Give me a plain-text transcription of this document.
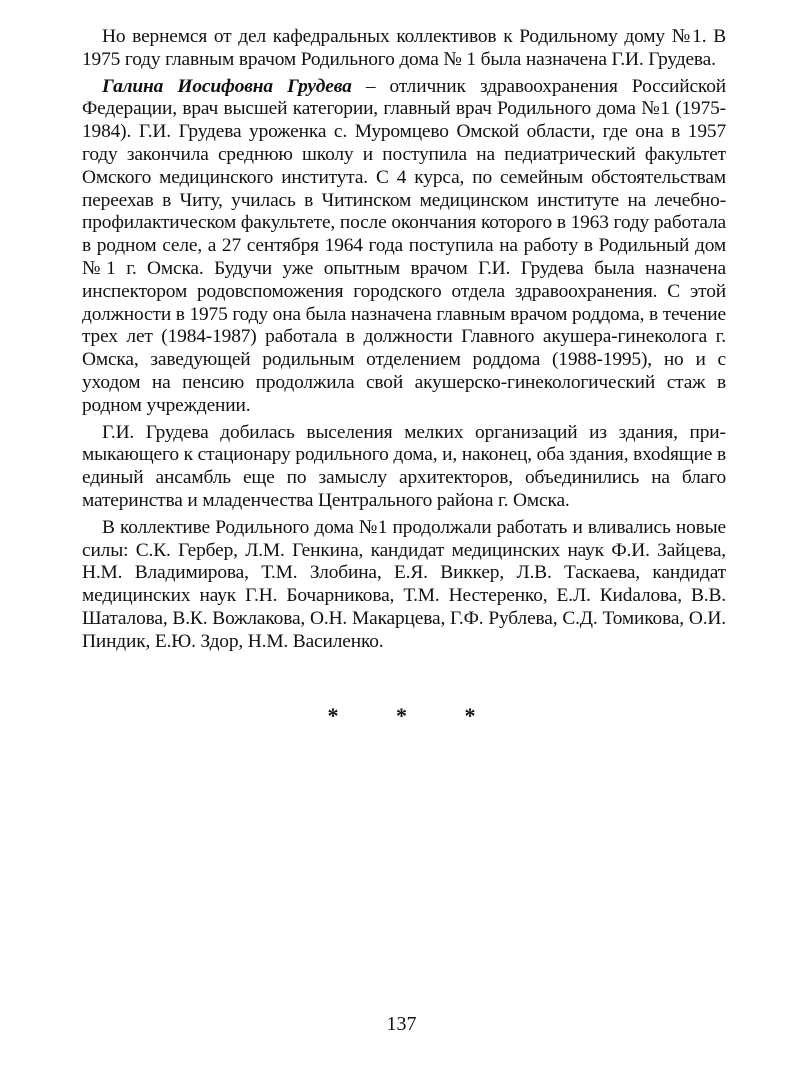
Но вернемся от дел кафедральных коллективов к Родильному дому №1. В 1975 году главным врачом Родильного дома № 1 была назначена Г.И. Грудева.

Галина Иосифовна Грудева – отличник здравоохранения Российской Федерации, врач высшей категории, главный врач Родильного дома №1 (1975-1984). Г.И. Грудева уроженка с. Муромцево Омской области, где она в 1957 году закончила среднюю школу и поступила на педиатрический факультет Омского медицинского института. С 4 курса, по семейным обстоятельствам переехав в Читу, училась в Читинском медицинском институте на лечебно-профилактическом факультете, после окончания которого в 1963 году работала в родном селе, а 27 сентября 1964 года поступила на работу в Родильный дом №1 г. Омска. Будучи уже опытным врачом Г.И. Грудева была назначена инспектором родовспоможения городского отдела здравоохранения. С этой должности в 1975 году она была назначена главным врачом роддома, в течение трех лет (1984-1987) работала в должности Главного акушера-гинеколога г. Омска, заведующей родильным отделением роддома (1988-1995), но и с уходом на пенсию продолжила свой акушерско-гинекологический стаж в родном учреждении.

Г.И. Грудева добилась выселения мелких организаций из здания, примыкающего к стационару родильного дома, и, наконец, оба здания, вхоdящие в единый ансамбль еще по замыслу архитекторов, объединились на благо материнства и младенчества Центрального района г. Омска.

В коллективе Родильного дома №1 продолжали работать и вливались новые силы: С.К. Гербер, Л.М. Генкина, кандидат медицинских наук Ф.И. Зайцева, Н.М. Владимирова, Т.М. Злобина, Е.Я. Виккер, Л.В. Таскаева, кандидат медицинских наук Г.Н. Бочарникова, Т.М. Нестеренко, Е.Л. Киdалова, В.В. Шаталова, В.К. Вожлакова, О.Н. Макарцева, Г.Ф. Рублева, С.Д. Томикова, О.И. Пиндик, Е.Ю. Здор, Н.М. Василенко.

* * *
137
